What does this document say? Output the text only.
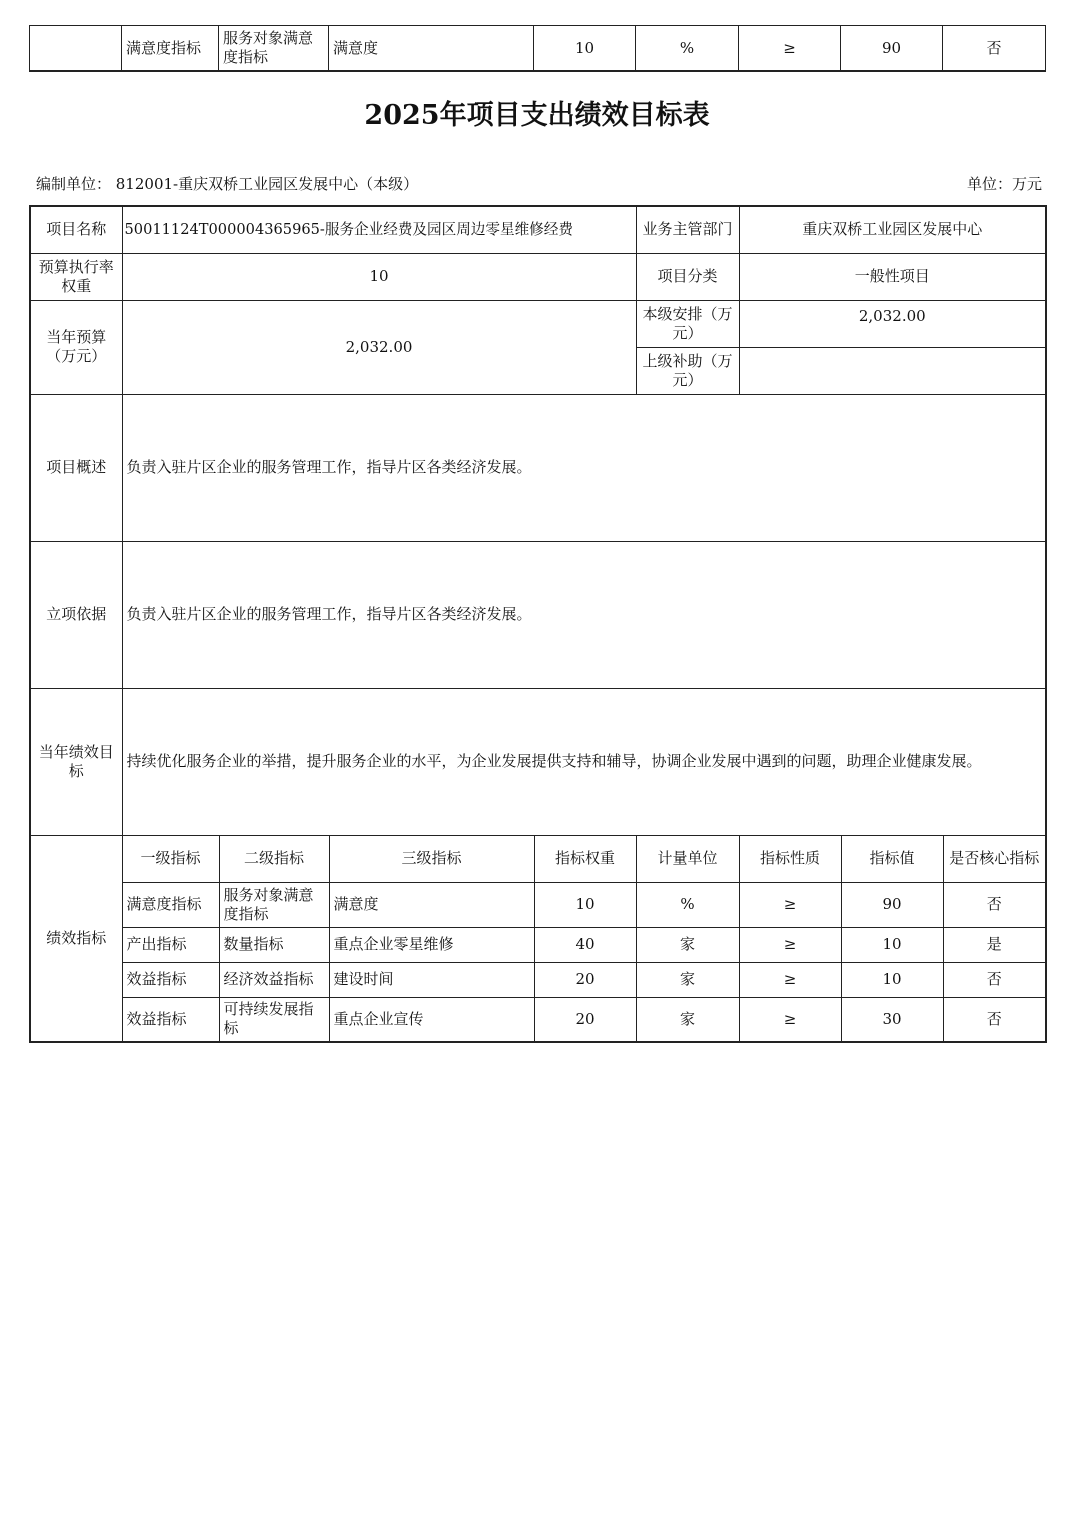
	满意度指标	服务对象满意度指标	满意度	10	%	≥	90	否
2025年项目支出绩效目标表
编制单位： 812001-重庆双桥工业园区发展中心（本级）	单位：万元
项目名称	50011124T000004365965-服务企业经费及园区周边零星维修经费				业务主管部门	重庆双桥工业园区发展中心		
预算执行率权重	10				项目分类	一般性项目		
当年预算（万元）	2,032.00				本级安排（万元）	2,032.00		
					上级补助（万元）			
项目概述	负责入驻片区企业的服务管理工作，指导片区各类经济发展。							
立项依据	负责入驻片区企业的服务管理工作，指导片区各类经济发展。							
当年绩效目标	持续优化服务企业的举措，提升服务企业的水平，为企业发展提供支持和辅导，协调企业发展中遇到的问题，助理企业健康发展。							
绩效指标	一级指标	二级指标	三级指标	指标权重	计量单位	指标性质	指标值	是否核心指标
	满意度指标	服务对象满意度指标	满意度	10	%	≥	90	否
	产出指标	数量指标	重点企业零星维修	40	家	≥	10	是
	效益指标	经济效益指标	建设时间	20	家	≥	10	否
	效益指标	可持续发展指标	重点企业宣传	20	家	≥	30	否
